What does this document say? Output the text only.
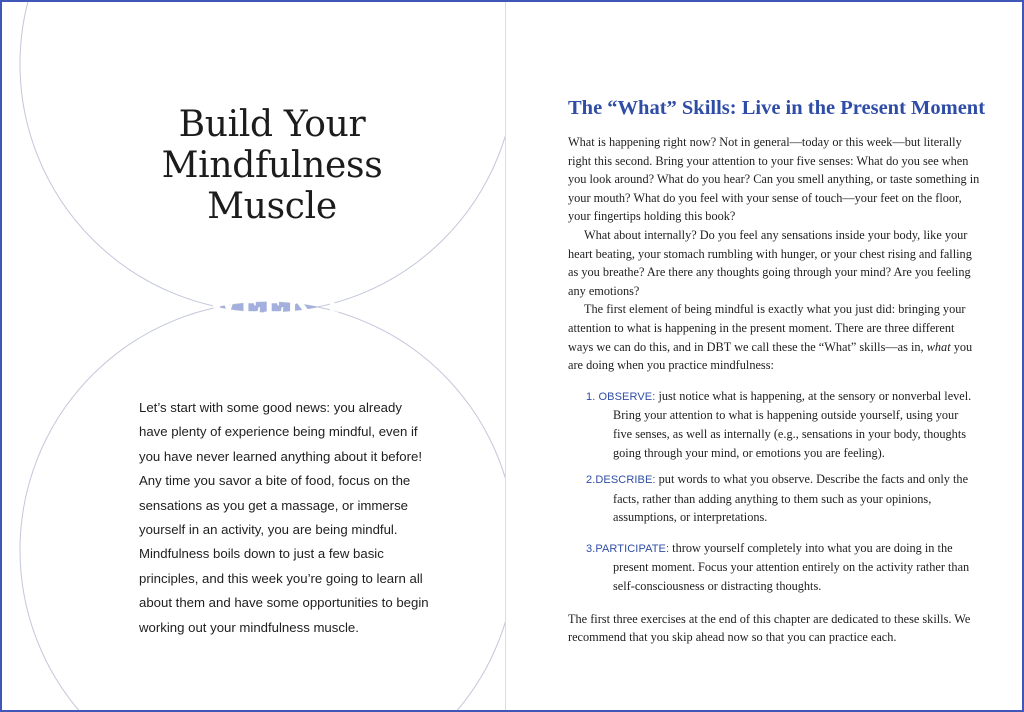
Build Your
Mindfulness
Muscle
WEEK 1
Let’s start with some good news: you already have plenty of experience being mindful, even if you have never learned anything about it before! Any time you savor a bite of food, focus on the sensations as you get a massage, or immerse yourself in an activity, you are being mindful. Mindfulness boils down to just a few basic principles, and this week you’re going to learn all about them and have some opportunities to begin working out your mindfulness muscle.
The “What” Skills: Live in the Present Moment

What is happening right now? Not in general—today or this week—but literally right this second. Bring your attention to your five senses: What do you see when you look around? What do you hear? Can you smell anything, or taste something in your mouth? What do you feel with your sense of touch—your feet on the floor, your fingertips holding this book?

What about internally? Do you feel any sensations inside your body, like your heart beating, your stomach rumbling with hunger, or your chest rising and falling as you breathe? Are there any thoughts going through your mind? Are you feeling any emotions?

The first element of being mindful is exactly what you just did: bringing your attention to what is happening in the present moment. There are three different ways we can do this, and in DBT we call these the “What” skills—as in, what you are doing when you practice mindfulness:

1. OBSERVE: just notice what is happening, at the sensory or nonverbal level. Bring your attention to what is happening outside yourself, using your five senses, as well as internally (e.g., sensations in your body, thoughts going through your mind, or emotions you are feeling).
2.DESCRIBE: put words to what you observe. Describe the facts and only the facts, rather than adding anything to them such as your opinions, assumptions, or interpretations.
3.PARTICIPATE: throw yourself completely into what you are doing in the present moment. Focus your attention entirely on the activity rather than self-consciousness or distracting thoughts.

The first three exercises at the end of this chapter are dedicated to these skills. We recommend that you skip ahead now so that you can practice each.
